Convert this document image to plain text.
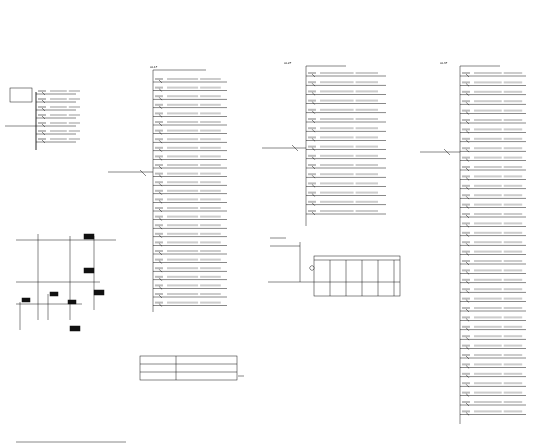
AL1F
AL2F	AL3F
